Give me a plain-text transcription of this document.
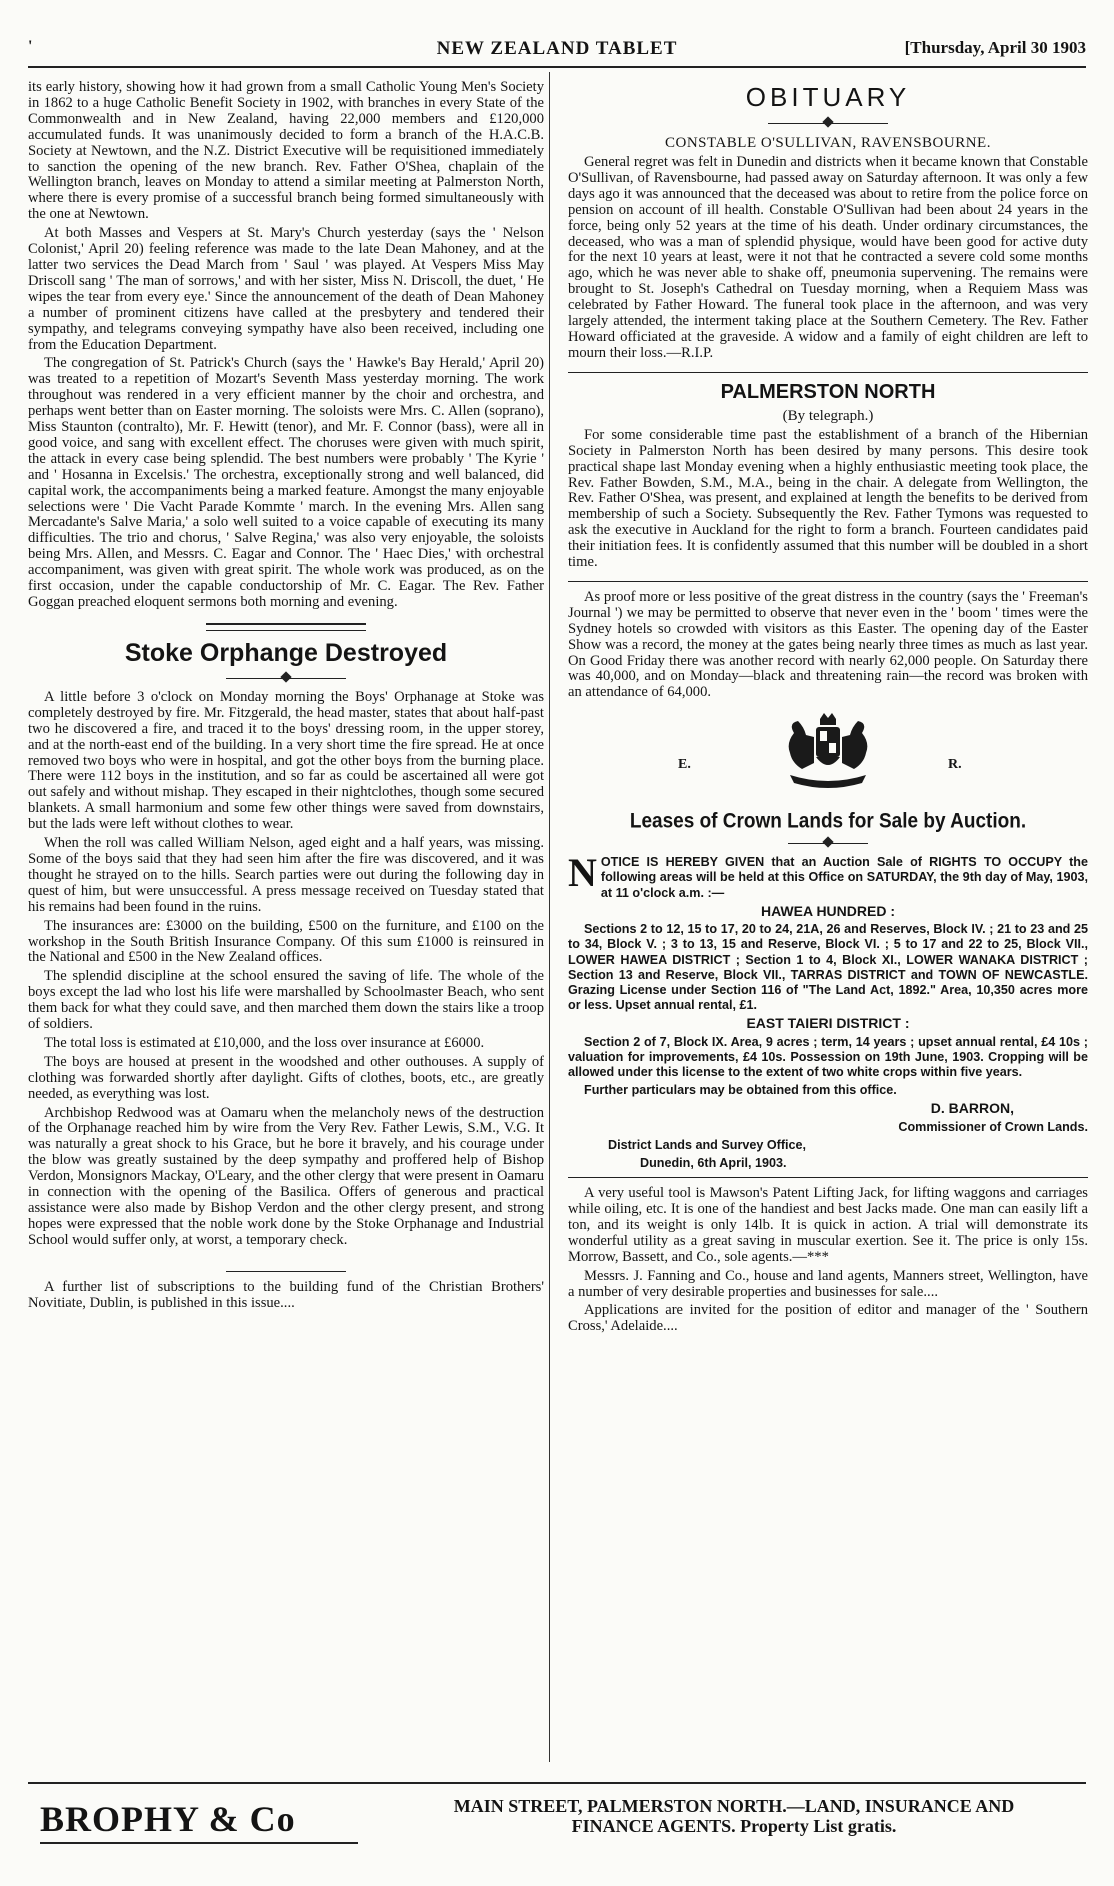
'	NEW ZEALAND TABLET	[Thursday, April 30 1903

its early history, showing how it had grown from a small Catholic Young Men's Society in 1862 to a huge Catholic Benefit Society in 1902, with branches in every State of the Commonwealth and in New Zealand, having 22,000 members and £120,000 accumulated funds. It was unanimously decided to form a branch of the H.A.C.B. Society at Newtown, and the N.Z. District Executive will be requisitioned immediately to sanction the opening of the new branch. Rev. Father O'Shea, chaplain of the Wellington branch, leaves on Monday to attend a similar meeting at Palmerston North, where there is every promise of a successful branch being formed simultaneously with the one at Newtown.

At both Masses and Vespers at St. Mary's Church yesterday (says the ' Nelson Colonist,' April 20) feeling reference was made to the late Dean Mahoney, and at the latter two services the Dead March from ' Saul ' was played. At Vespers Miss May Driscoll sang ' The man of sorrows,' and with her sister, Miss N. Driscoll, the duet, ' He wipes the tear from every eye.' Since the announcement of the death of Dean Mahoney a number of prominent citizens have called at the presbytery and tendered their sympathy, and telegrams conveying sympathy have also been received, including one from the Education Department.

The congregation of St. Patrick's Church (says the ' Hawke's Bay Herald,' April 20) was treated to a repetition of Mozart's Seventh Mass yesterday morning. The work throughout was rendered in a very efficient manner by the choir and orchestra, and perhaps went better than on Easter morning. The soloists were Mrs. C. Allen (soprano), Miss Staunton (contralto), Mr. F. Hewitt (tenor), and Mr. F. Connor (bass), were all in good voice, and sang with excellent effect. The choruses were given with much spirit, the attack in every case being splendid. The best numbers were probably ' The Kyrie ' and ' Hosanna in Excelsis.' The orchestra, exceptionally strong and well balanced, did capital work, the accompaniments being a marked feature. Amongst the many enjoyable selections were ' Die Vacht Parade Kommte ' march. In the evening Mrs. Allen sang Mercadante's Salve Maria,' a solo well suited to a voice capable of executing its many difficulties. The trio and chorus, ' Salve Regina,' was also very enjoyable, the soloists being Mrs. Allen, and Messrs. C. Eagar and Connor. The ' Haec Dies,' with orchestral accompaniment, was given with great spirit. The whole work was produced, as on the first occasion, under the capable conductorship of Mr. C. Eagar. The Rev. Father Goggan preached eloquent sermons both morning and evening.

Stoke Orphange Destroyed

A little before 3 o'clock on Monday morning the Boys' Orphanage at Stoke was completely destroyed by fire. Mr. Fitzgerald, the head master, states that about half-past two he discovered a fire, and traced it to the boys' dressing room, in the upper storey, and at the north-east end of the building. In a very short time the fire spread. He at once removed two boys who were in hospital, and got the other boys from the burning place. There were 112 boys in the institution, and so far as could be ascertained all were got out safely and without mishap. They escaped in their nightclothes, though some secured blankets. A small harmonium and some few other things were saved from downstairs, but the lads were left without clothes to wear.

When the roll was called William Nelson, aged eight and a half years, was missing. Some of the boys said that they had seen him after the fire was discovered, and it was thought he strayed on to the hills. Search parties were out during the following day in quest of him, but were unsuccessful. A press message received on Tuesday stated that his remains had been found in the ruins.

The insurances are: £3000 on the building, £500 on the furniture, and £100 on the workshop in the South British Insurance Company. Of this sum £1000 is reinsured in the National and £500 in the New Zealand offices.

The splendid discipline at the school ensured the saving of life. The whole of the boys except the lad who lost his life were marshalled by Schoolmaster Beach, who sent them back for what they could save, and then marched them down the stairs like a troop of soldiers.

The total loss is estimated at £10,000, and the loss over insurance at £6000.

The boys are housed at present in the woodshed and other outhouses. A supply of clothing was forwarded shortly after daylight. Gifts of clothes, boots, etc., are greatly needed, as everything was lost.

Archbishop Redwood was at Oamaru when the melancholy news of the destruction of the Orphanage reached him by wire from the Very Rev. Father Lewis, S.M., V.G. It was naturally a great shock to his Grace, but he bore it bravely, and his courage under the blow was greatly sustained by the deep sympathy and proffered help of Bishop Verdon, Monsignors Mackay, O'Leary, and the other clergy that were present in Oamaru in connection with the opening of the Basilica. Offers of generous and practical assistance were also made by Bishop Verdon and the other clergy present, and strong hopes were expressed that the noble work done by the Stoke Orphanage and Industrial School would suffer only, at worst, a temporary check.

A further list of subscriptions to the building fund of the Christian Brothers' Novitiate, Dublin, is published in this issue....

OBITUARY
CONSTABLE O'SULLIVAN, RAVENSBOURNE.

General regret was felt in Dunedin and districts when it became known that Constable O'Sullivan, of Ravensbourne, had passed away on Saturday afternoon. It was only a few days ago it was announced that the deceased was about to retire from the police force on pension on account of ill health. Constable O'Sullivan had been about 24 years in the force, being only 52 years at the time of his death. Under ordinary circumstances, the deceased, who was a man of splendid physique, would have been good for active duty for the next 10 years at least, were it not that he contracted a severe cold some months ago, which he was never able to shake off, pneumonia supervening. The remains were brought to St. Joseph's Cathedral on Tuesday morning, when a Requiem Mass was celebrated by Father Howard. The funeral took place in the afternoon, and was very largely attended, the interment taking place at the Southern Cemetery. The Rev. Father Howard officiated at the graveside. A widow and a family of eight children are left to mourn their loss.—R.I.P.

PALMERSTON NORTH
(By telegraph.)

For some considerable time past the establishment of a branch of the Hibernian Society in Palmerston North has been desired by many persons. This desire took practical shape last Monday evening when a highly enthusiastic meeting took place, the Rev. Father Bowden, S.M., M.A., being in the chair. A delegate from Wellington, the Rev. Father O'Shea, was present, and explained at length the benefits to be derived from membership of such a Society. Subsequently the Rev. Father Tymons was requested to ask the executive in Auckland for the right to form a branch. Fourteen candidates paid their initiation fees. It is confidently assumed that this number will be doubled in a short time.

As proof more or less positive of the great distress in the country (says the ' Freeman's Journal ') we may be permitted to observe that never even in the ' boom ' times were the Sydney hotels so crowded with visitors as this Easter. The opening day of the Easter Show was a record, the money at the gates being nearly three times as much as last year. On Good Friday there was another record with nearly 62,000 people. On Saturday there was 40,000, and on Monday—black and threatening rain—the record was broken with an attendance of 64,000.

E.	R.
Leases of Crown Lands for Sale by Auction.

NOTICE IS HEREBY GIVEN that an Auction Sale of RIGHTS TO OCCUPY the following areas will be held at this Office on SATURDAY, the 9th day of May, 1903, at 11 o'clock a.m. :—

HAWEA HUNDRED :

Sections 2 to 12, 15 to 17, 20 to 24, 21A, 26 and Reserves, Block IV. ; 21 to 23 and 25 to 34, Block V. ; 3 to 13, 15 and Reserve, Block VI. ; 5 to 17 and 22 to 25, Block VII., LOWER HAWEA DISTRICT ; Section 1 to 4, Block XI., LOWER WANAKA DISTRICT ; Section 13 and Reserve, Block VII., TARRAS DISTRICT and TOWN OF NEWCASTLE. Grazing License under Section 116 of "The Land Act, 1892." Area, 10,350 acres more or less. Upset annual rental, £1.

EAST TAIERI DISTRICT :

Section 2 of 7, Block IX. Area, 9 acres ; term, 14 years ; upset annual rental, £4 10s ; valuation for improvements, £4 10s. Possession on 19th June, 1903. Cropping will be allowed under this license to the extent of two white crops within five years.

Further particulars may be obtained from this office.

D. BARRON,

Commissioner of Crown Lands.

District Lands and Survey Office,

Dunedin, 6th April, 1903.

A very useful tool is Mawson's Patent Lifting Jack, for lifting waggons and carriages while oiling, etc. It is one of the handiest and best Jacks made. One man can easily lift a ton, and its weight is only 14lb. It is quick in action. A trial will demonstrate its wonderful utility as a great saving in muscular exertion. See it. The price is only 15s. Morrow, Bassett, and Co., sole agents.—***

Messrs. J. Fanning and Co., house and land agents, Manners street, Wellington, have a number of very desirable properties and businesses for sale....

Applications are invited for the position of editor and manager of the ' Southern Cross,' Adelaide....

BROPHY & Co	MAIN STREET, PALMERSTON NORTH.—LAND, INSURANCE AND
FINANCE AGENTS. Property List gratis.
